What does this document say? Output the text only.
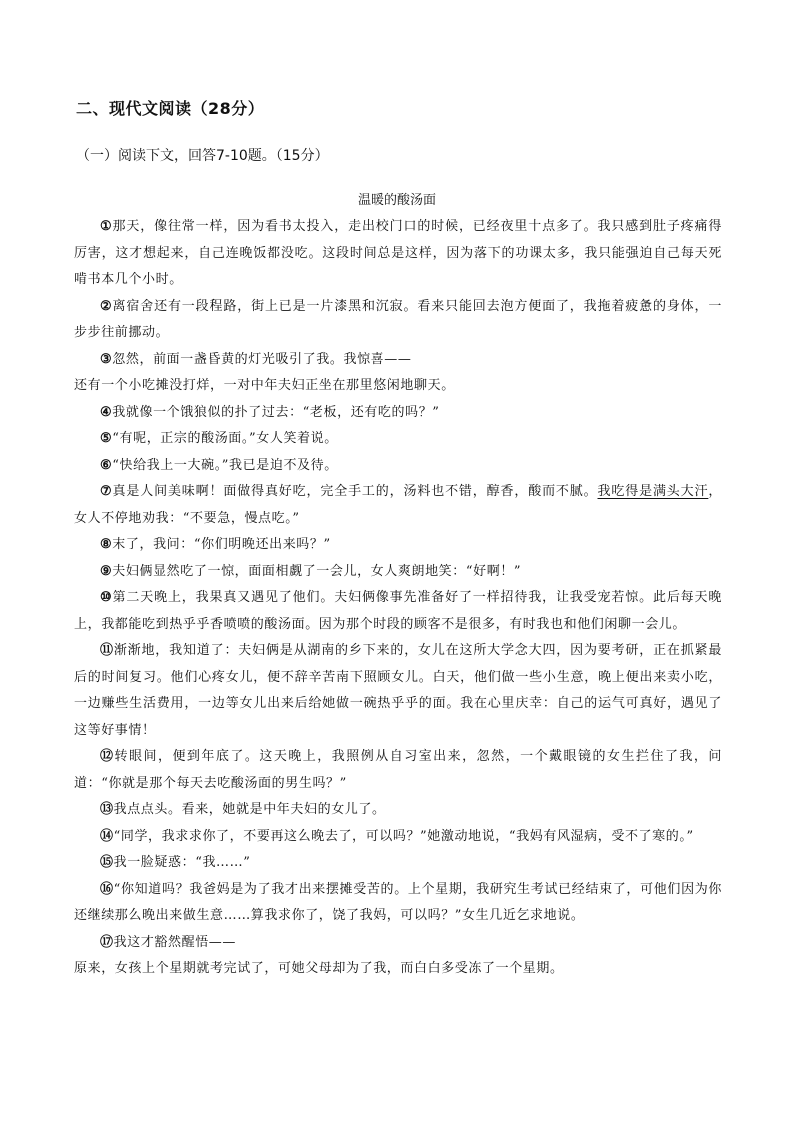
二、现代文阅读（28分）
（一）阅读下文，回答7-10题。（15分）
温暖的酸汤面

①那天，像往常一样，因为看书太投入，走出校门口的时候，已经夜里十点多了。我只感到肚子疼痛得厉害，这才想起来，自己连晚饭都没吃。这段时间总是这样，因为落下的功课太多，我只能强迫自己每天死啃书本几个小时。

②离宿舍还有一段程路，街上已是一片漆黑和沉寂。看来只能回去泡方便面了，我拖着疲惫的身体，一步步往前挪动。

③忽然，前面一盏昏黄的灯光吸引了我。我惊喜——

还有一个小吃摊没打烊，一对中年夫妇正坐在那里悠闲地聊天。

④我就像一个饿狼似的扑了过去：“老板，还有吃的吗？”

⑤“有呢，正宗的酸汤面。”女人笑着说。

⑥“快给我上一大碗。”我已是迫不及待。

⑦真是人间美味啊！面做得真好吃，完全手工的，汤料也不错，醇香，酸而不腻。我吃得是满头大汗，女人不停地劝我：“不要急，慢点吃。”

⑧末了，我问：“你们明晚还出来吗？”

⑨夫妇俩显然吃了一惊，面面相觑了一会儿，女人爽朗地笑：“好啊！”

⑩第二天晚上，我果真又遇见了他们。夫妇俩像事先准备好了一样招待我，让我受宠若惊。此后每天晚上，我都能吃到热乎乎香喷喷的酸汤面。因为那个时段的顾客不是很多，有时我也和他们闲聊一会儿。

⑪渐渐地，我知道了：夫妇俩是从湖南的乡下来的，女儿在这所大学念大四，因为要考研，正在抓紧最后的时间复习。他们心疼女儿，便不辞辛苦南下照顾女儿。白天，他们做一些小生意，晚上便出来卖小吃，一边赚些生活费用，一边等女儿出来后给她做一碗热乎乎的面。我在心里庆幸：自己的运气可真好，遇见了这等好事情！

⑫转眼间，便到年底了。这天晚上，我照例从自习室出来，忽然，一个戴眼镜的女生拦住了我，问道：“你就是那个每天去吃酸汤面的男生吗？”

⑬我点点头。看来，她就是中年夫妇的女儿了。

⑭“同学，我求求你了，不要再这么晚去了，可以吗？”她激动地说，“我妈有风湿病，受不了寒的。”

⑮我一脸疑惑：“我……”

⑯“你知道吗？我爸妈是为了我才出来摆摊受苦的。上个星期，我研究生考试已经结束了，可他们因为你还继续那么晚出来做生意……算我求你了，饶了我妈，可以吗？”女生几近乞求地说。

⑰我这才豁然醒悟——

原来，女孩上个星期就考完试了，可她父母却为了我，而白白多受冻了一个星期。
